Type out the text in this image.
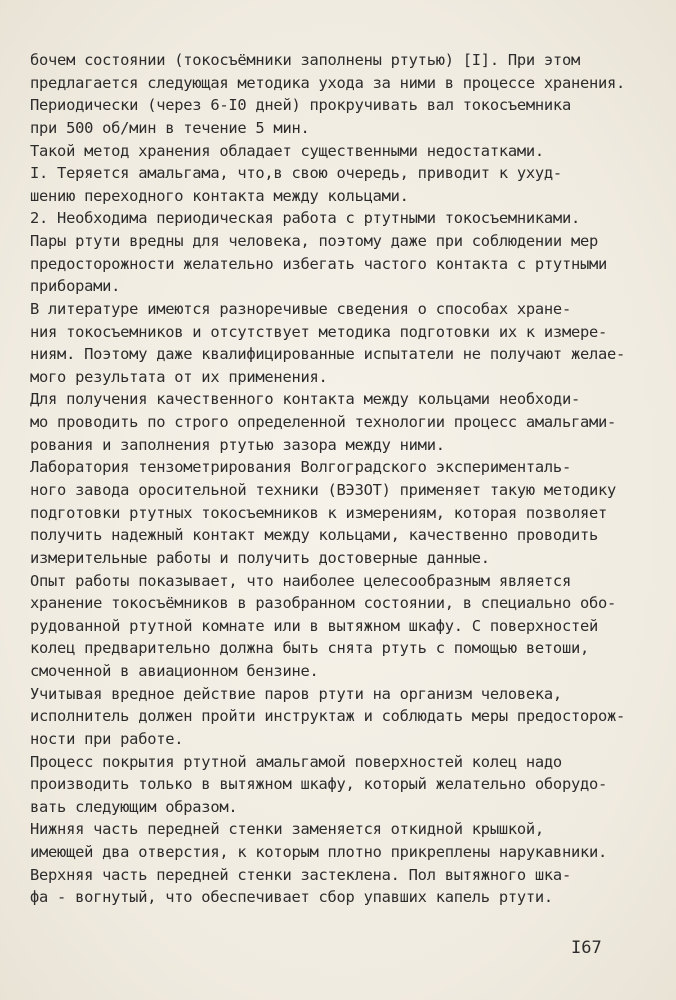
бочем состоянии (токосъёмники заполнены ртутью) [I]. При этом
предлагается следующая методика ухода за ними в процессе хранения.
Периодически (через 6-I0 дней) прокручивать вал токосъемника
при 500 об/мин в течение 5 мин.
Такой метод хранения обладает существенными недостатками.
I. Теряется амальгама, что,в свою очередь, приводит к ухуд-
шению переходного контакта между кольцами.
2. Необходима периодическая работа с ртутными токосъемниками.
Пары ртути вредны для человека, поэтому даже при соблюдении мер
предосторожности желательно избегать частого контакта с ртутными
приборами.
В литературе имеются разноречивые сведения о способах хране-
ния токосъемников и отсутствует методика подготовки их к измере-
ниям. Поэтому даже квалифицированные испытатели не получают желае-
мого результата от их применения.
Для получения качественного контакта между кольцами необходи-
мо проводить по строго определенной технологии процесс амальгами-
рования и заполнения ртутью зазора между ними.
Лаборатория тензометрирования Волгоградского эксперименталь-
ного завода оросительной техники (ВЭЗОТ) применяет такую методику
подготовки ртутных токосъемников к измерениям, которая позволяет
получить надежный контакт между кольцами, качественно проводить
измерительные работы и получить достоверные данные.
Опыт работы показывает, что наиболее целесообразным является
хранение токосъёмников в разобранном состоянии, в специально обо-
рудованной ртутной комнате или в вытяжном шкафу. С поверхностей
колец предварительно должна быть снята ртуть с помощью ветоши,
смоченной в авиационном бензине.
Учитывая вредное действие паров ртути на организм человека,
исполнитель должен пройти инструктаж и соблюдать меры предосторож-
ности при работе.
Процесс покрытия ртутной амальгамой поверхностей колец надо
производить только в вытяжном шкафу, который желательно оборудо-
вать следующим образом.
Нижняя часть передней стенки заменяется откидной крышкой,
имеющей два отверстия, к которым плотно прикреплены нарукавники.
Верхняя часть передней стенки застеклена. Пол вытяжного шка-
фа - вогнутый, что обеспечивает сбор упавших капель ртути.
I67
